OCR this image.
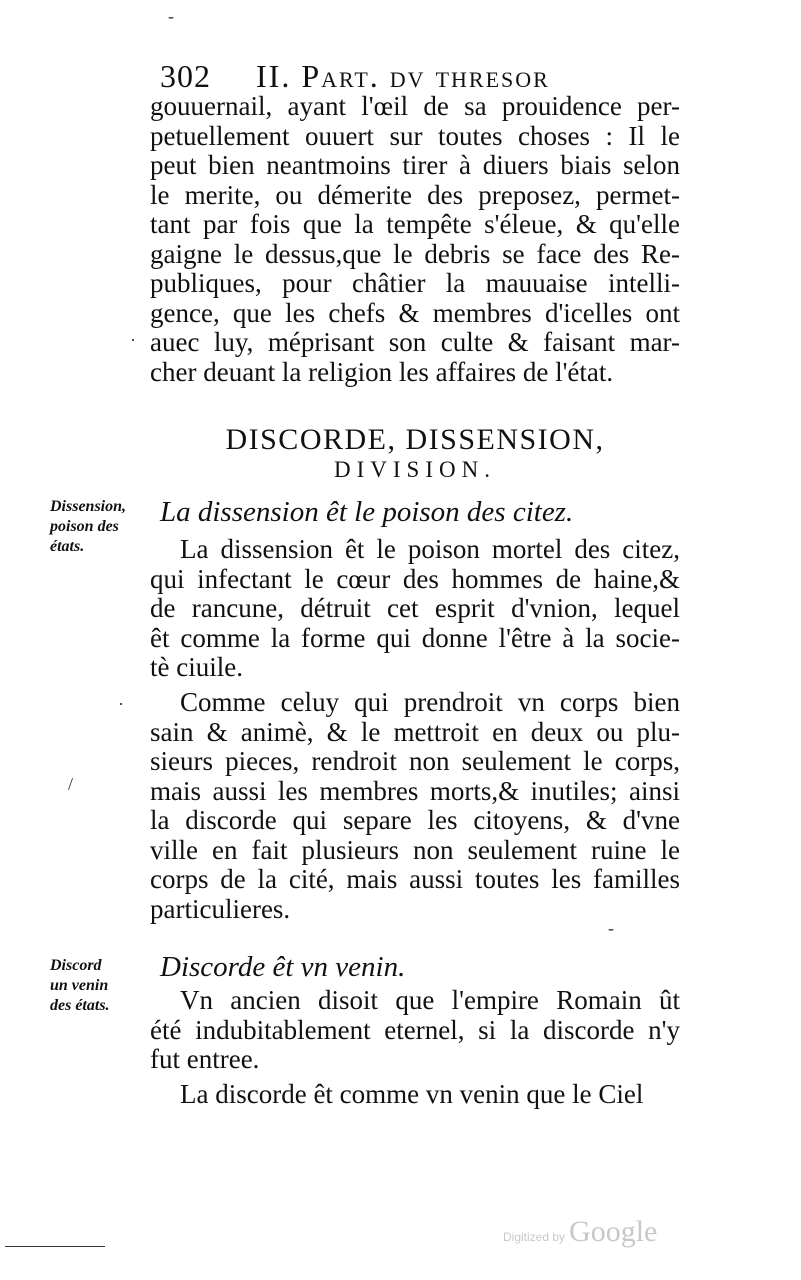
302 II. Part. dv thresor
gouuernail, ayant l'œil de sa prouidence per-
petuellement ouuert sur toutes choses : Il le
peut bien neantmoins tirer à diuers biais selon
le merite, ou démerite des preposez, permet-
tant par fois que la tempête s'éleue, & qu'elle
gaigne le dessus,que le debris se face des Re-
publiques, pour châtier la mauuaise intelli-
gence, que les chefs & membres d'icelles ont
auec luy, méprisant son culte & faisant mar-
cher deuant la religion les affaires de l'état.
DISCORDE, DISSENSION,
DIVISION.
Dissension,
poison des
états.
La dissension êt le poison des citez.
La dissension êt le poison mortel des citez,
qui infectant le cœur des hommes de haine,&
de rancune, détruit cet esprit d'vnion, lequel
êt comme la forme qui donne l'être à la socie-
tè ciuile.
Comme celuy qui prendroit vn corps bien
sain & animè, & le mettroit en deux ou plu-
sieurs pieces, rendroit non seulement le corps,
mais aussi les membres morts,& inutiles; ainsi
la discorde qui separe les citoyens, & d'vne
ville en fait plusieurs non seulement ruine le
corps de la cité, mais aussi toutes les familles
particulieres.
Discord
un venin
des états.
Discorde êt vn venin.
Vn ancien disoit que l'empire Romain ût
été indubitablement eternel, si la discorde n'y
fut entree.
La discorde êt comme vn venin que le Ciel
-
·
·
/
-
Digitized by Google
